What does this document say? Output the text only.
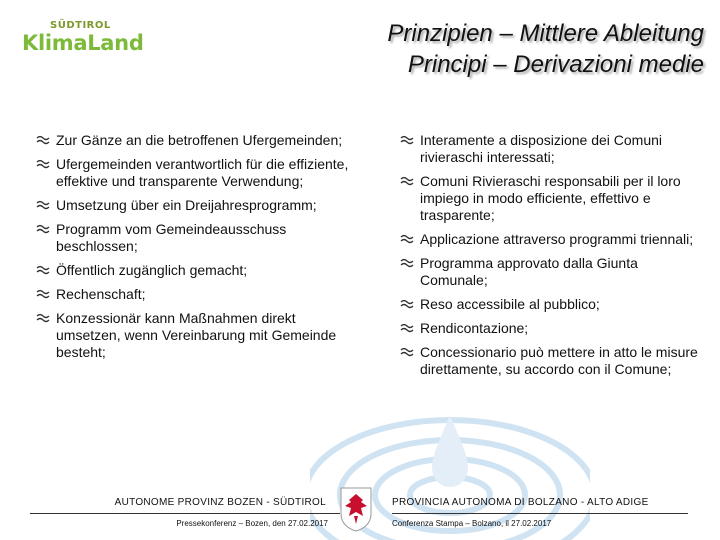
SÜDTIROL
KlimaLand	Prinzipien – Mittlere Ableitung
Principi – Derivazioni medie
Zur Gänze an die betroffenen Ufergemeinden;
Ufergemeinden verantwortlich für die effiziente, effektive und transparente Verwendung;
Umsetzung über ein Dreijahresprogramm;
Programm vom Gemeindeausschuss beschlossen;
Öffentlich zugänglich gemacht;
Rechenschaft;
Konzessionär kann Maßnahmen direkt umsetzen, wenn Vereinbarung mit Gemeinde besteht;
Interamente a disposizione dei Comuni rivieraschi interessati;
Comuni Rivieraschi responsabili per il loro impiego in modo efficiente, effettivo e trasparente;
Applicazione attraverso programmi triennali;
Programma approvato dalla Giunta Comunale;
Reso accessibile al pubblico;
Rendicontazione;
Concessionario può mettere in atto le misure direttamente, su accordo con il Comune;
AUTONOME PROVINZ BOZEN - SÜDTIROL
Pressekonferenz – Bozen, den 27.02.2017
PROVINCIA AUTONOMA DI BOLZANO - ALTO ADIGE
Conferenza Stampa – Bolzano, il 27.02.2017
